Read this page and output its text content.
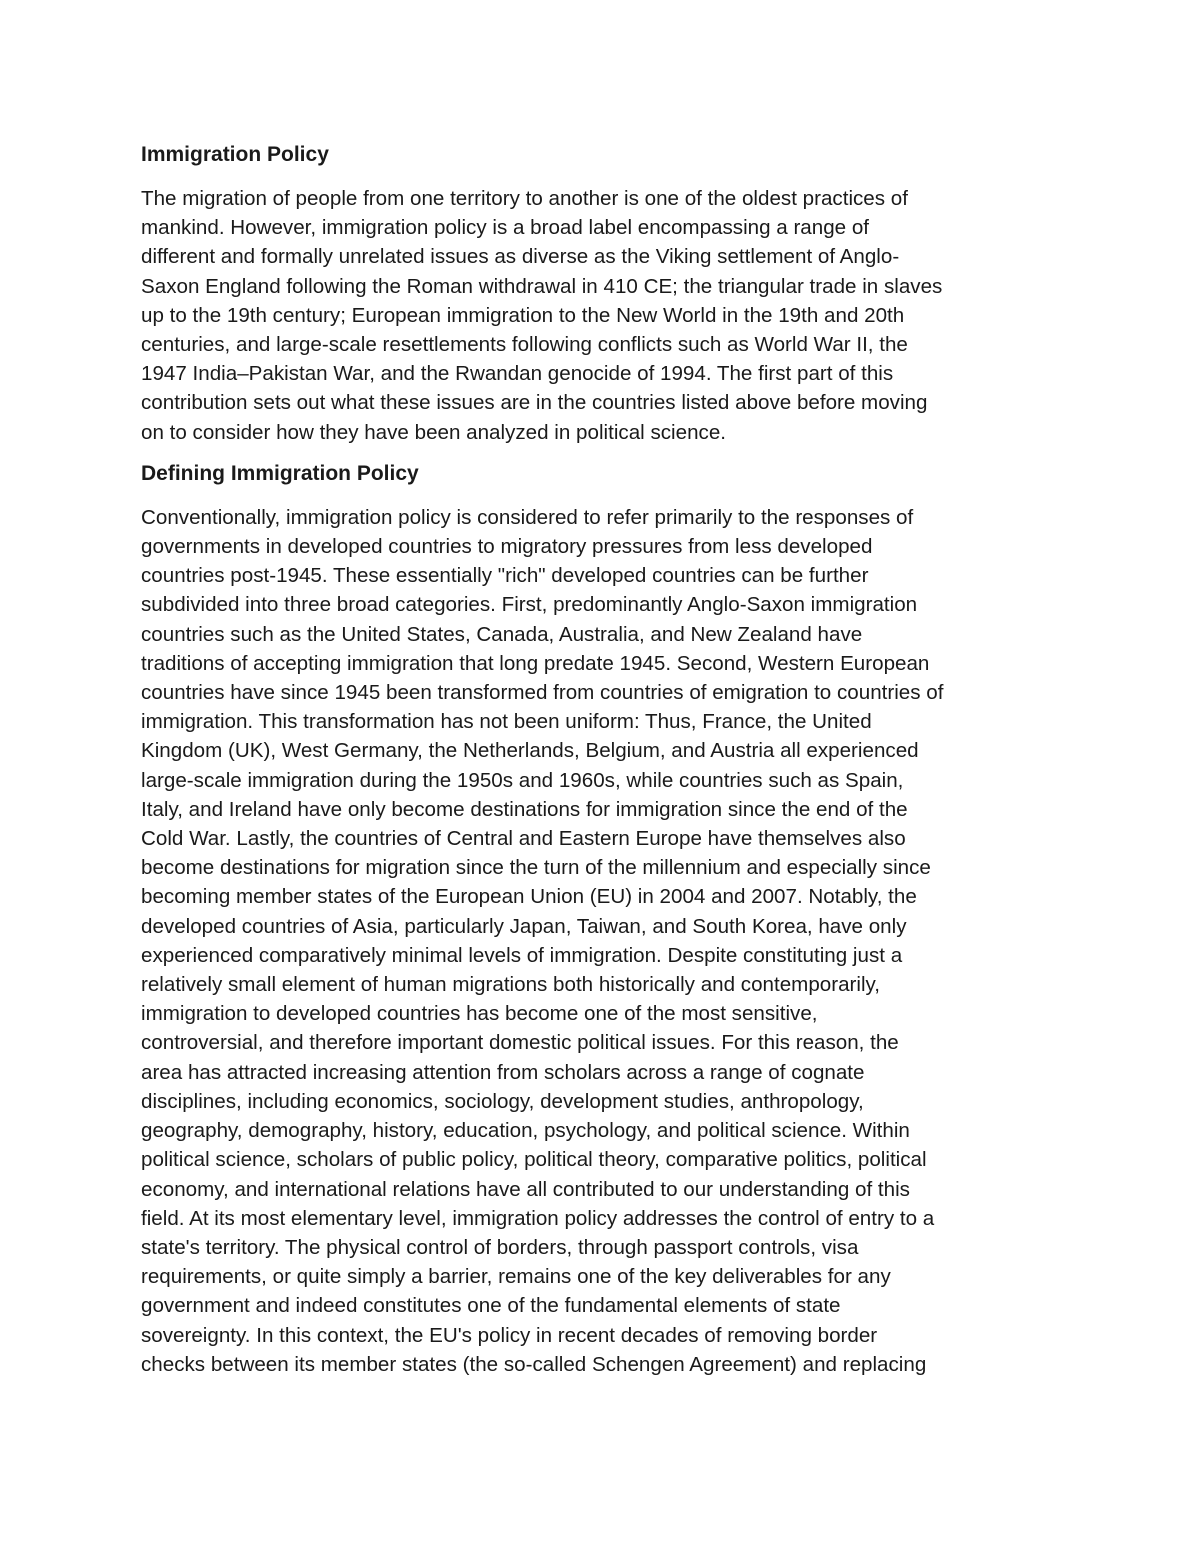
Immigration Policy
The migration of people from one territory to another is one of the oldest practices of
mankind. However, immigration policy is a broad label encompassing a range of
different and formally unrelated issues as diverse as the Viking settlement of Anglo-
Saxon England following the Roman withdrawal in 410 CE; the triangular trade in slaves
up to the 19th century; European immigration to the New World in the 19th and 20th
centuries, and large-scale resettlements following conflicts such as World War II, the
1947 India–Pakistan War, and the Rwandan genocide of 1994. The first part of this
contribution sets out what these issues are in the countries listed above before moving
on to consider how they have been analyzed in political science.
Defining Immigration Policy
Conventionally, immigration policy is considered to refer primarily to the responses of
governments in developed countries to migratory pressures from less developed
countries post-1945. These essentially "rich" developed countries can be further
subdivided into three broad categories. First, predominantly Anglo-Saxon immigration
countries such as the United States, Canada, Australia, and New Zealand have
traditions of accepting immigration that long predate 1945. Second, Western European
countries have since 1945 been transformed from countries of emigration to countries of
immigration. This transformation has not been uniform: Thus, France, the United
Kingdom (UK), West Germany, the Netherlands, Belgium, and Austria all experienced
large-scale immigration during the 1950s and 1960s, while countries such as Spain,
Italy, and Ireland have only become destinations for immigration since the end of the
Cold War. Lastly, the countries of Central and Eastern Europe have themselves also
become destinations for migration since the turn of the millennium and especially since
becoming member states of the European Union (EU) in 2004 and 2007. Notably, the
developed countries of Asia, particularly Japan, Taiwan, and South Korea, have only
experienced comparatively minimal levels of immigration. Despite constituting just a
relatively small element of human migrations both historically and contemporarily,
immigration to developed countries has become one of the most sensitive,
controversial, and therefore important domestic political issues. For this reason, the
area has attracted increasing attention from scholars across a range of cognate
disciplines, including economics, sociology, development studies, anthropology,
geography, demography, history, education, psychology, and political science. Within
political science, scholars of public policy, political theory, comparative politics, political
economy, and international relations have all contributed to our understanding of this
field. At its most elementary level, immigration policy addresses the control of entry to a
state's territory. The physical control of borders, through passport controls, visa
requirements, or quite simply a barrier, remains one of the key deliverables for any
government and indeed constitutes one of the fundamental elements of state
sovereignty. In this context, the EU's policy in recent decades of removing border
checks between its member states (the so-called Schengen Agreement) and replacing
